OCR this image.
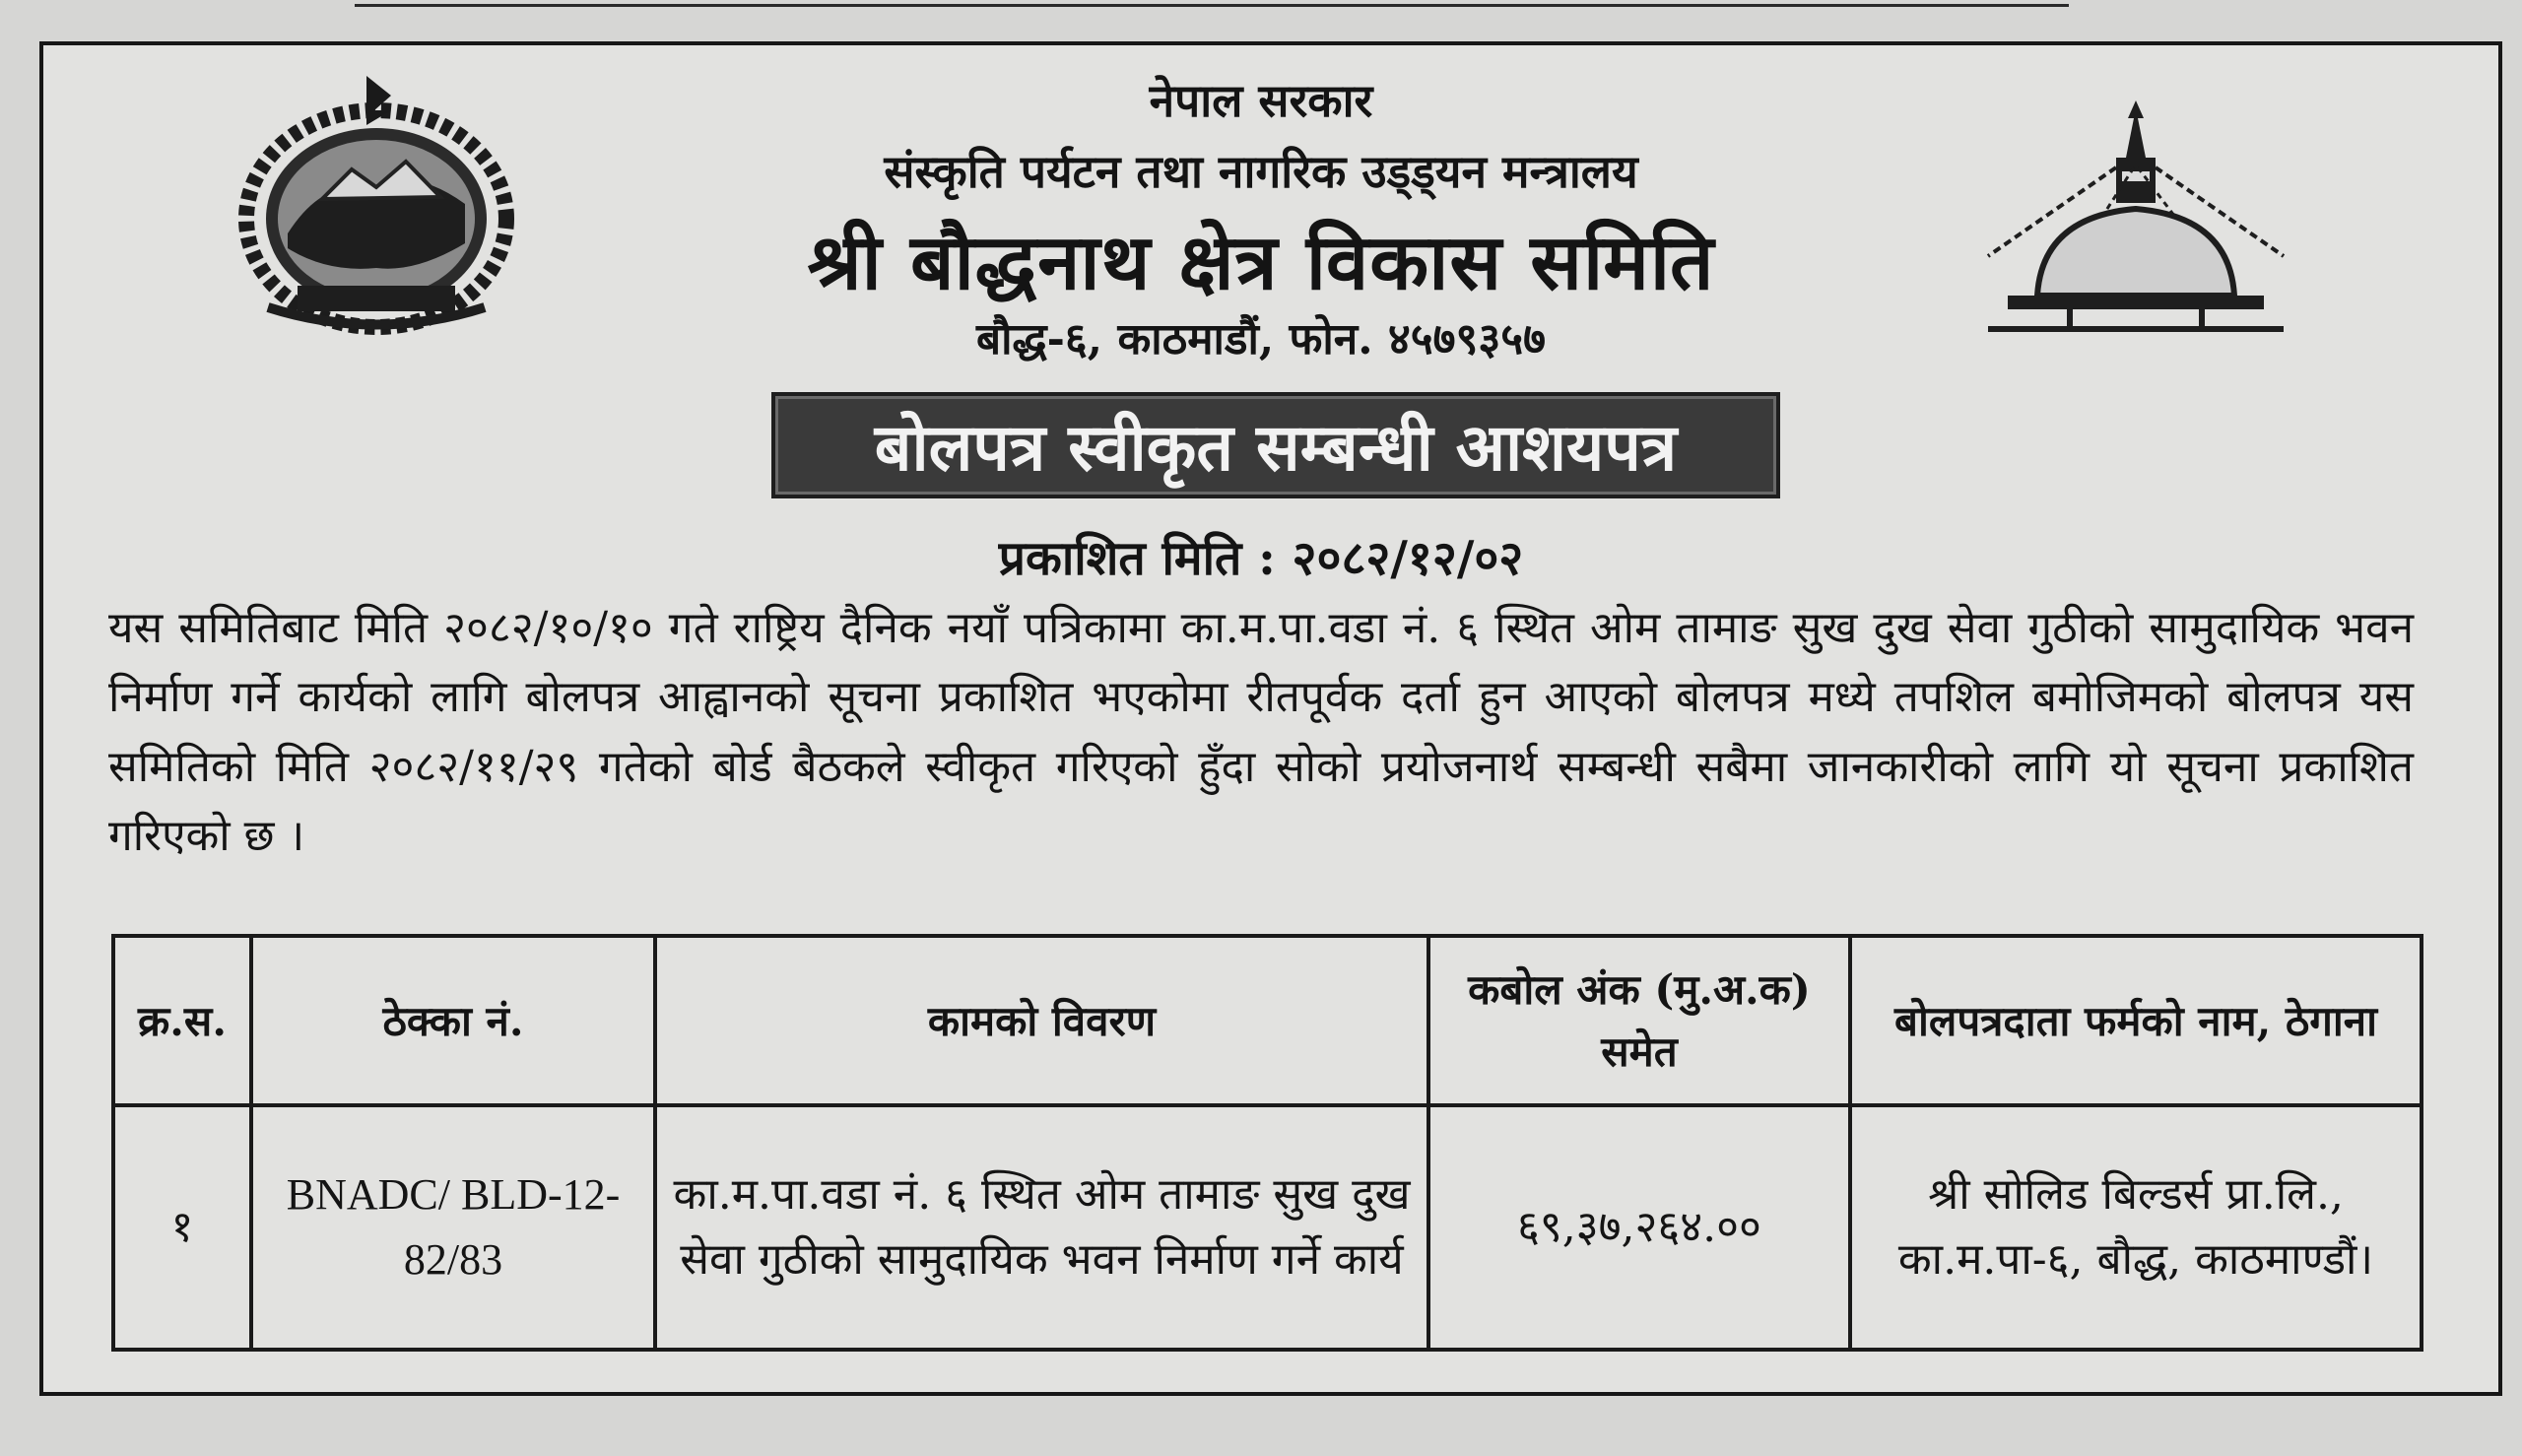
नेपाल सरकार
संस्कृति पर्यटन तथा नागरिक उड्ड्यन मन्त्रालय
श्री बौद्धनाथ क्षेत्र विकास समिति
बौद्ध-६, काठमाडौं, फोन. ४५७९३५७
बोलपत्र स्वीकृत सम्बन्धी आशयपत्र
प्रकाशित मिति : २०८२/१२/०२
यस समितिबाट मिति २०८२/१०/१० गते राष्ट्रिय दैनिक नयाँ पत्रिकामा का.म.पा.वडा नं. ६ स्थित ओम तामाङ सुख दुख सेवा गुठीको सामुदायिक भवन निर्माण गर्ने कार्यको लागि बोलपत्र आह्वानको सूचना प्रकाशित भएकोमा रीतपूर्वक दर्ता हुन आएको बोलपत्र मध्ये तपशिल बमोजिमको बोलपत्र यस समितिको मिति २०८२/११/२९ गतेको बोर्ड बैठकले स्वीकृत गरिएको हुँदा सोको प्रयोजनार्थ सम्बन्धी सबैमा जानकारीको लागि यो सूचना प्रकाशित गरिएको छ ।
क्र.स.	ठेक्का नं.	कामको विवरण	कबोल अंक (मु.अ.क) समेत	बोलपत्रदाता फर्मको नाम, ठेगाना
१	BNADC/ BLD-12- 82/83	का.म.पा.वडा नं. ६ स्थित ओम तामाङ सुख दुख सेवा गुठीको सामुदायिक भवन निर्माण गर्ने कार्य	६९,३७,२६४.००	श्री सोलिड बिल्डर्स प्रा.लि., का.म.पा-६, बौद्ध, काठमाण्डौं।
